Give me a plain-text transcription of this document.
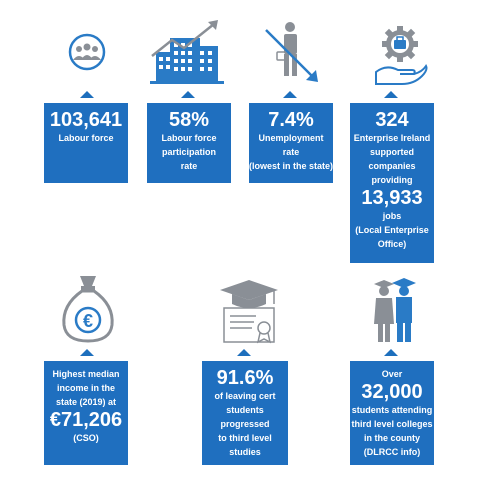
103,641
Labour force
58%
Labour force
participation
rate
7.4%
Unemployment rate
(lowest in the state)
324
Enterprise Ireland
supported
companies
providing
13,933
jobs
(Local Enterprise
Office)
€
Highest median
income in the
state (2019) at
€71,206
(CSO)
91.6%
of leaving cert
students
progressed
to third level studies
Over
32,000
students attending
third level colleges
in the county
(DLRCC info)
